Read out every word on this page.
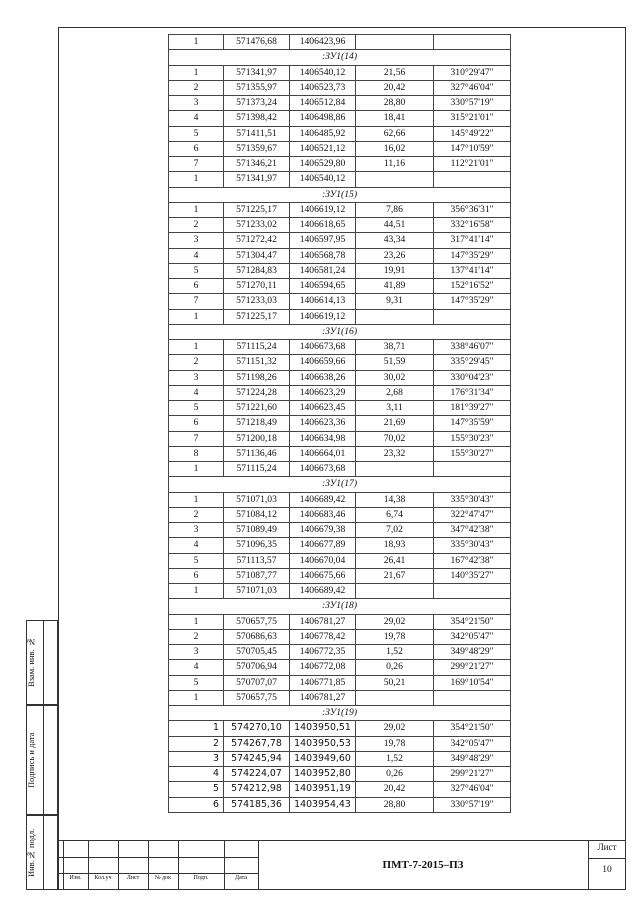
1	571476,68	1406423,96		
:ЗУ1(14)				
1	571341,97	1406540,12	21,56	310°29'47"
2	571355,97	1406523,73	20,42	327°46'04"
3	571373,24	1406512,84	28,80	330°57'19"
4	571398,42	1406498,86	18,41	315°21'01"
5	571411,51	1406485,92	62,66	145°49'22"
6	571359,67	1406521,12	16,02	147°10'59"
7	571346,21	1406529,80	11,16	112°21'01"
1	571341,97	1406540,12		
:ЗУ1(15)				
1	571225,17	1406619,12	7,86	356°36'31"
2	571233,02	1406618,65	44,51	332°16'58"
3	571272,42	1406597,95	43,34	317°41'14"
4	571304,47	1406568,78	23,26	147°35'29"
5	571284,83	1406581,24	19,91	137°41'14"
6	571270,11	1406594,65	41,89	152°16'52"
7	571233,03	1406614,13	9,31	147°35'29"
1	571225,17	1406619,12		
:ЗУ1(16)				
1	571115,24	1406673,68	38,71	338°46'07"
2	571151,32	1406659,66	51,59	335°29'45"
3	571198,26	1406638,26	30,02	330°04'23"
4	571224,28	1406623,29	2,68	176°31'34"
5	571221,60	1406623,45	3,11	181°39'27"
6	571218,49	1406623,36	21,69	147°35'59"
7	571200,18	1406634,98	70,02	155°30'23"
8	571136,46	1406664,01	23,32	155°30'27"
1	571115,24	1406673,68		
:ЗУ1(17)				
1	571071,03	1406689,42	14,38	335°30'43"
2	571084,12	1406683,46	6,74	322°47'47"
3	571089,49	1406679,38	7,02	347°42'38"
4	571096,35	1406677,89	18,93	335°30'43"
5	571113,57	1406670,04	26,41	167°42'38"
6	571087,77	1406675,66	21,67	140°35'27"
1	571071,03	1406689,42		
:ЗУ1(18)				
1	570657,75	1406781,27	29,02	354°21'50"
2	570686,63	1406778,42	19,78	342°05'47"
3	570705,45	1406772,35	1,52	349°48'29"
4	570706,94	1406772,08	0,26	299°21'27"
5	570707,07	1406771,85	50,21	169°10'54"
1	570657,75	1406781,27		
:ЗУ1(19)				
1	574270,10	1403950,51	29,02	354°21'50"
2	574267,78	1403950,53	19,78	342°05'47"
3	574245,94	1403949,60	1,52	349°48'29"
4	574224,07	1403952,80	0,26	299°21'27"
5	574212,98	1403951,19	20,42	327°46'04"
6	574185,36	1403954,43	28,80	330°57'19"
Взам. инв. №
Подпись и дата
Инв.№ подл.
Изм.	Кол.уч	Лист	№ док	Подп.	Дата
ПМТ-7-2015–ПЗ
Лист
10
